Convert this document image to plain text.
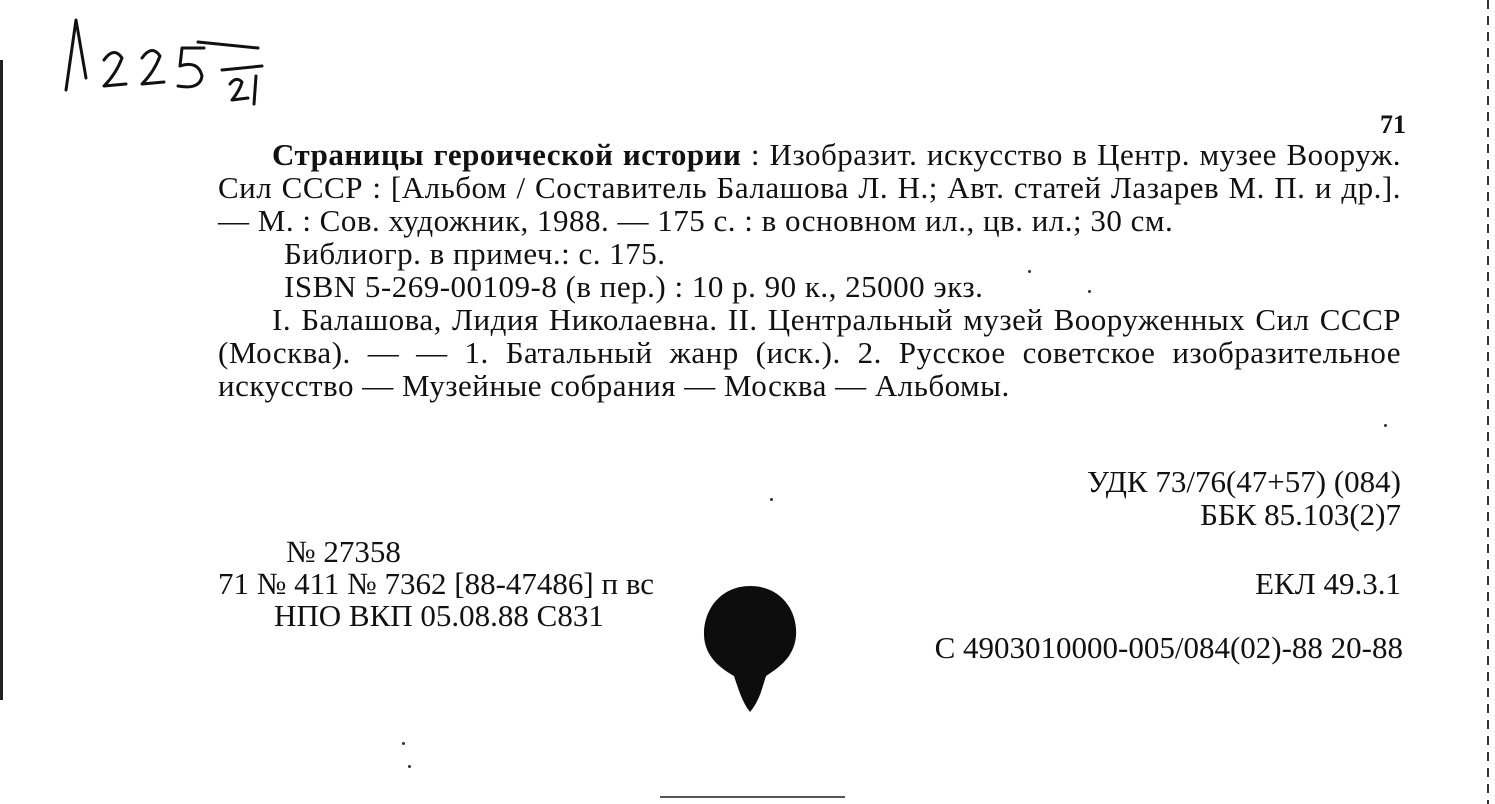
71

Страницы героической истории : Изобразит. искусство в Центр. музее Вооруж. Сил СССР : [Альбом / Составитель Балашова Л. Н.; Авт. статей Лазарев М. П. и др.]. — М. : Сов. художник, 1988. — 175 с. : в основном ил., цв. ил.; 30 см.

Библиогр. в примеч.: с. 175.

ISBN 5-269-00109-8 (в пер.) : 10 р. 90 к., 25000 экз.

I. Балашова, Лидия Николаевна. II. Центральный музей Вооруженных Сил СССР (Москва). — — 1. Батальный жанр (иск.). 2. Русское советское изобразительное искусство — Музейные собрания — Москва — Альбомы.

УДК 73/76(47+57) (084)
ББК 85.103(2)7
ЕКЛ 49.3.1
С 4903010000-005/084(02)-88 20-88
№ 27358
71 № 411 № 7362 [88-47486] п вс
НПО ВКП 05.08.88 С831
